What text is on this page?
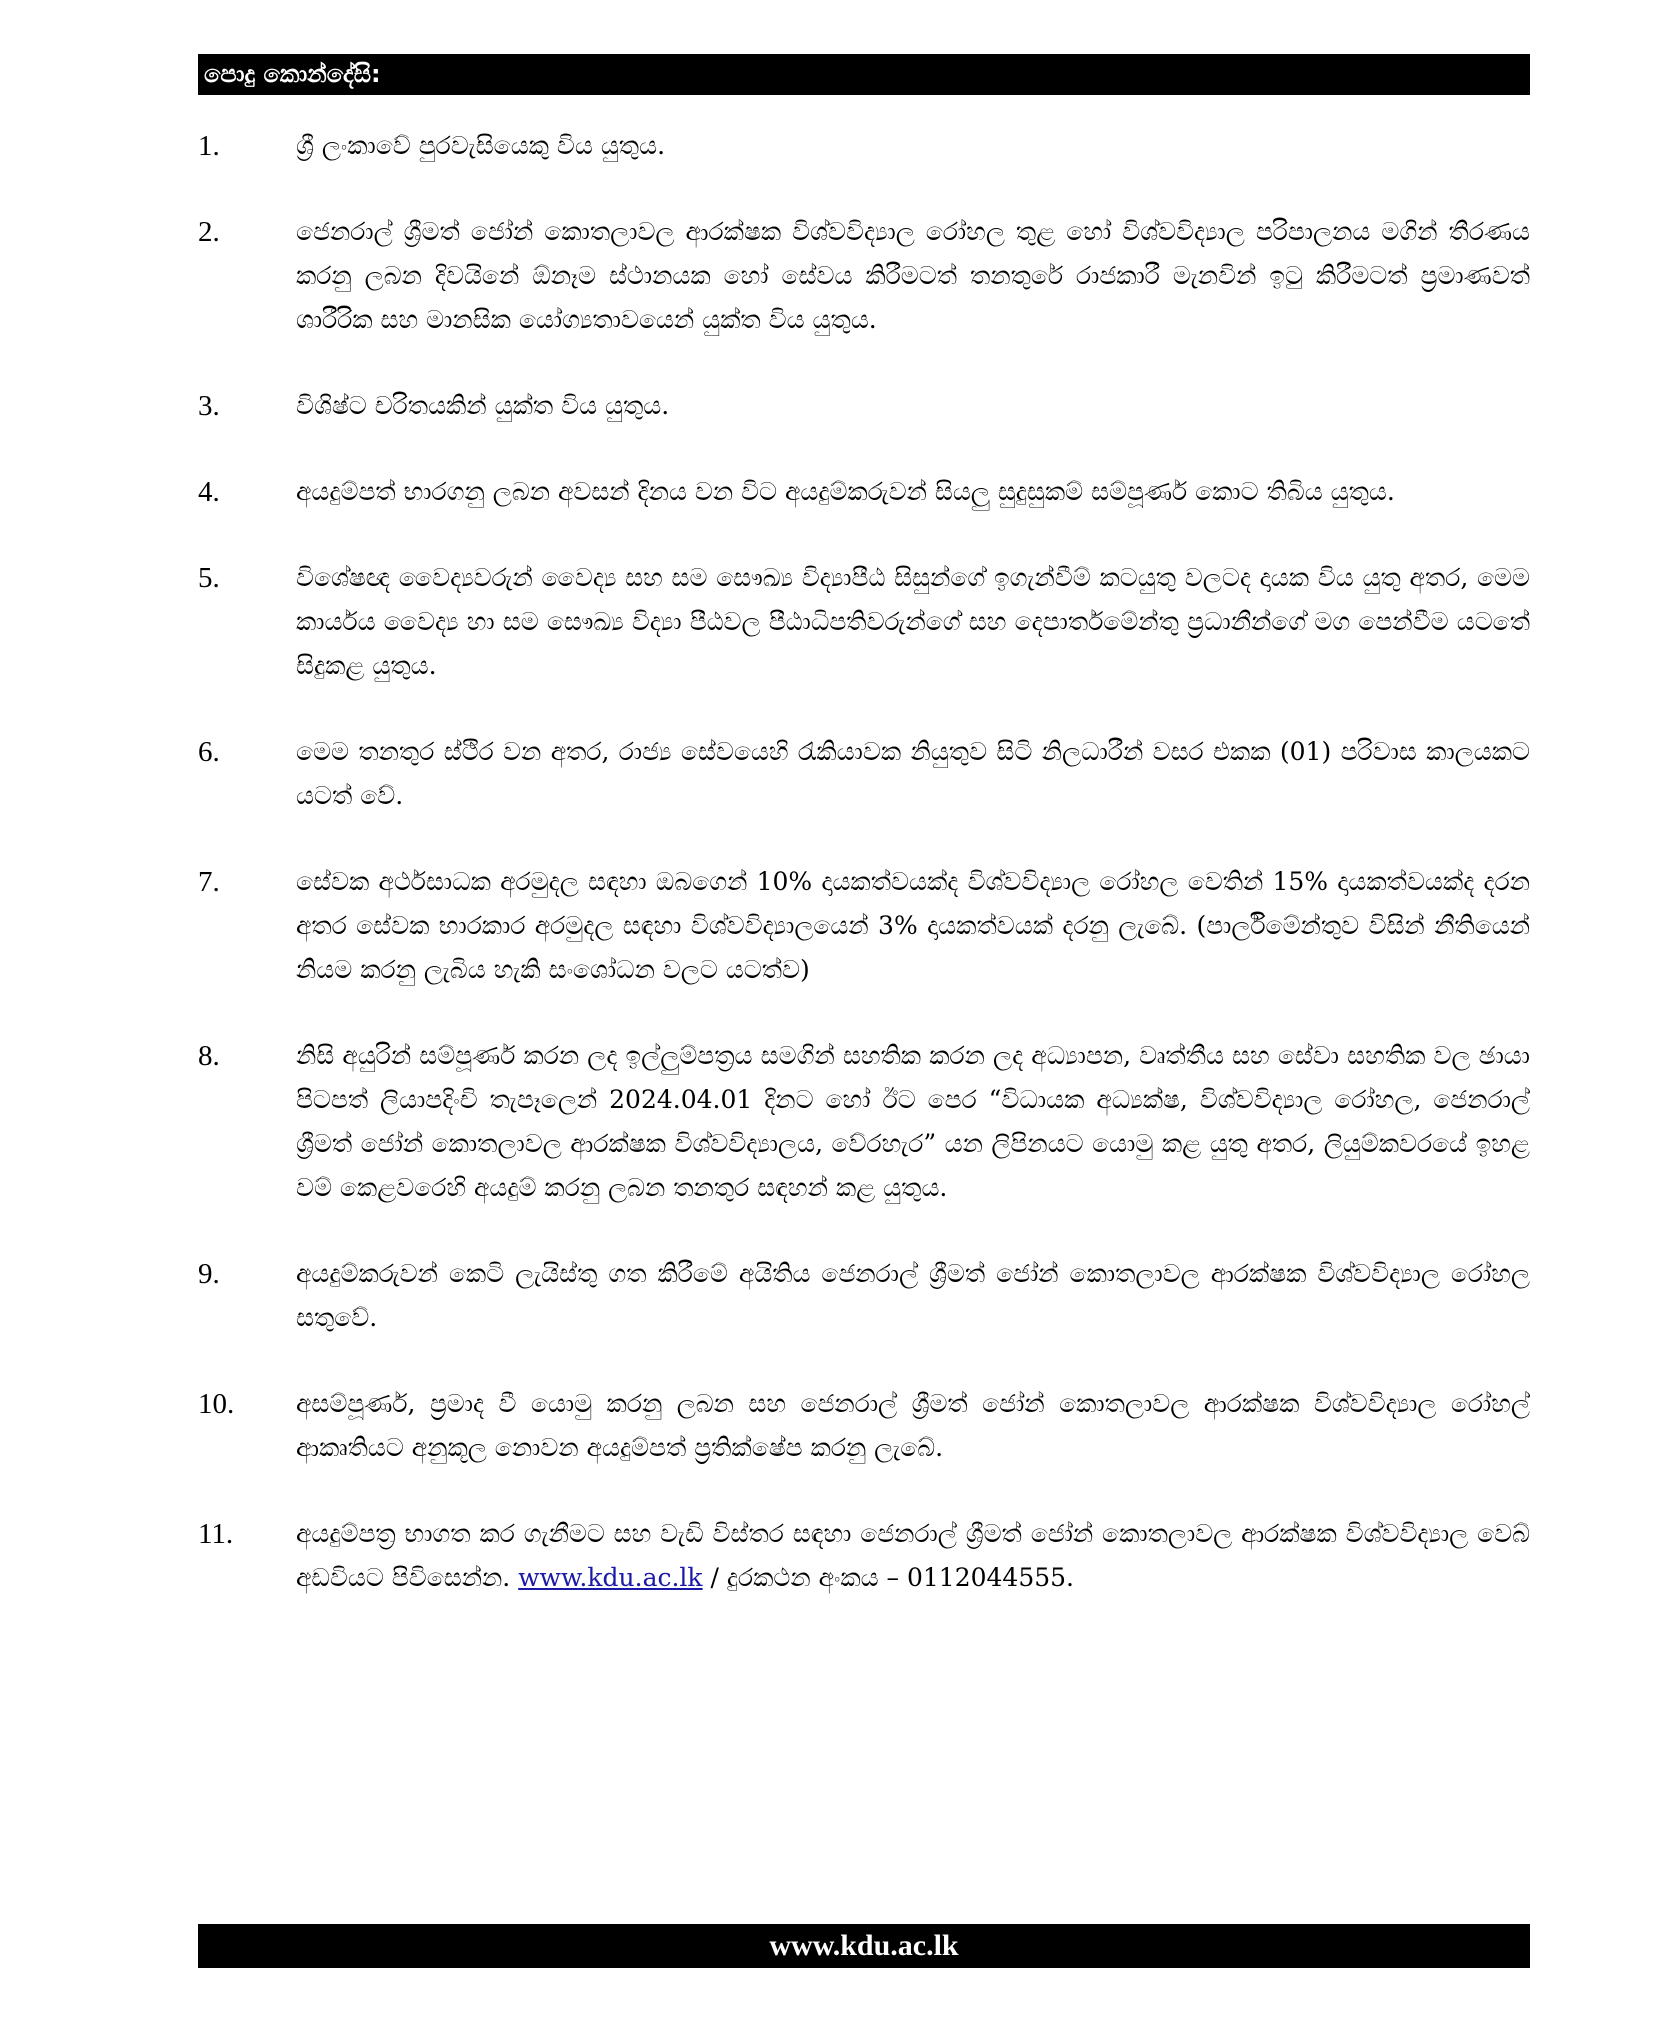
පොදු කොන්දේසි:
1.	ශ්‍රී ලංකාවේ පුරවැසියෙකු විය යුතුය.
2.	ජෙනරාල් ශ්‍රීමත් ජෝන් කොතලාවල ආරක්ෂක විශ්වවිද්‍යාල රෝහල තුළ හෝ විශ්වවිද්‍යාල පරිපාලනය මගින් තීරණය කරනු ලබන දිවයිනේ ඕනෑම ස්ථානයක හෝ සේවය කිරීමටත් තනතුරේ රාජකාරී මැනවින් ඉටු කිරීමටත් ප්‍රමාණවත් ශාරීරික සහ මානසික යෝග්‍යතාවයෙන් යුක්ත විය යුතුය.
3.	විශිෂ්ට චරිතයකින් යුක්ත විය යුතුය.
4.	අයදුම්පත් භාරගනු ලබන අවසන් දිනය වන විට අයදුම්කරුවන් සියලු සුදුසුකම් සම්පූර්ණ කොට තිබිය යුතුය.
5.	විශේෂඥ වෛද්‍යවරුන් වෛද්‍ය සහ සම සෞඛ්‍ය විද්‍යාපීඨ සිසුන්ගේ ඉගැන්වීම් කටයුතු වලටද දායක විය යුතු අතර, මෙම කාර්යය වෛද්‍ය හා සම සෞඛ්‍ය විද්‍යා පීඨවල පීඨාධිපතිවරුන්ගේ සහ දෙපාර්තමේන්තු ප්‍රධානීන්ගේ මග පෙන්වීම යටතේ සිදුකළ යුතුය.
6.	මෙම තනතුර ස්ථිර වන අතර, රාජ්‍ය සේවයෙහි රැකියාවක නියුතුව සිටි නිලධාරීන් වසර එකක (01) පරිවාස කාලයකට යටත් වේ.
7.	සේවක අර්ථසාධක අරමුදල සඳහා ඔබගෙන් 10% දායකත්වයක්ද විශ්වවිද්‍යාල රෝහල වෙතින් 15% දායකත්වයක්ද දරන අතර සේවක භාරකාර අරමුදල සඳහා විශ්වවිද්‍යාලයෙන් 3% දායකත්වයක් දරනු ලැබේ. (පාර්ලිමේන්තුව විසින් නීතියෙන් නියම කරනු ලැබිය හැකි සංශෝධන වලට යටත්ව)
8.	නිසි අයුරින් සම්පූර්ණ කරන ලද ඉල්ලුම්පත්‍රය සමගින් සහතික කරන ලද අධ්‍යාපන, වෘත්තීය සහ සේවා සහතික වල ඡායා පිටපත් ලියාපදිංචි තැපෑලෙන් 2024.04.01 දිනට හෝ ඊට පෙර “විධායක අධ්‍යක්ෂ, විශ්වවිද්‍යාල රෝහල, ජෙනරාල් ශ්‍රීමත් ජෝන් කොතලාවල ආරක්ෂක විශ්වවිද්‍යාලය, වේරහැර” යන ලිපිනයට යොමු කළ යුතු අතර, ලියුම්කවරයේ ඉහළ වම් කෙළවරෙහි අයදුම් කරනු ලබන තනතුර සඳහන් කළ යුතුය.
9.	අයදුම්කරුවන් කෙටි ලැයිස්තු ගත කිරීමේ අයිතිය ජෙනරාල් ශ්‍රීමත් ජෝන් කොතලාවල ආරක්ෂක විශ්වවිද්‍යාල රෝහල සතුවේ.
10.	අසම්පූර්ණ, ප්‍රමාද වී යොමු කරනු ලබන සහ ජෙනරාල් ශ්‍රීමත් ජෝන් කොතලාවල ආරක්ෂක විශ්වවිද්‍යාල රෝහල් ආකෘතියට අනුකූල නොවන අයදුම්පත් ප්‍රතික්ෂේප කරනු ලැබේ.
11.	අයදුම්පත්‍ර භාගත කර ගැනීමට සහ වැඩි විස්තර සඳහා ජෙනරාල් ශ්‍රීමත් ජෝන් කොතලාවල ආරක්ෂක විශ්වවිද්‍යාල වෙබ් අඩවියට පිවිසෙන්න. www.kdu.ac.lk / දුරකථන අංකය – 0112044555.
www.kdu.ac.lk
